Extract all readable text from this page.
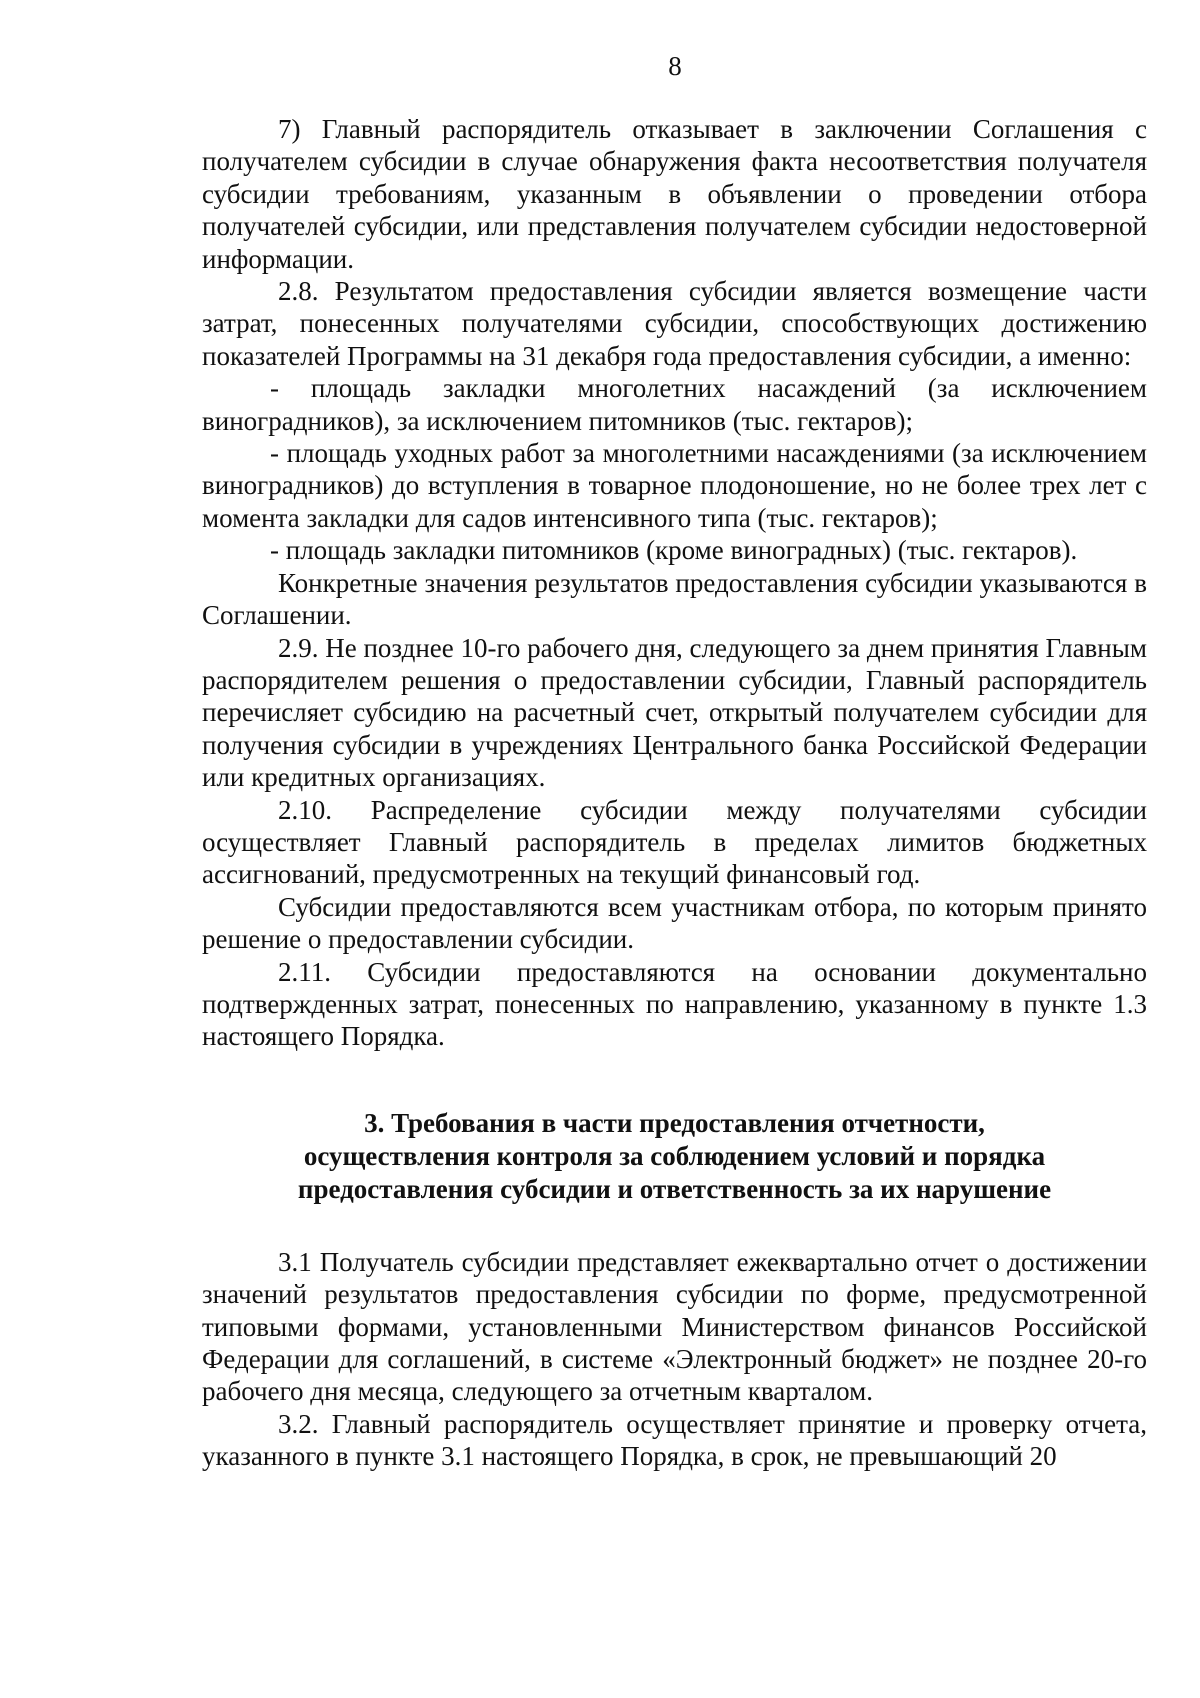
8

7) Главный распорядитель отказывает в заключении Соглашения с получателем субсидии в случае обнаружения факта несоответствия получателя субсидии требованиям, указанным в объявлении о проведении отбора получателей субсидии, или представления получателем субсидии недостоверной информации.

2.8. Результатом предоставления субсидии является возмещение части затрат, понесенных получателями субсидии, способствующих достижению показателей Программы на 31 декабря года предоставления субсидии, а именно:

- площадь закладки многолетних насаждений (за исключением виноградников), за исключением питомников (тыс. гектаров);

- площадь уходных работ за многолетними насаждениями (за исключением виноградников) до вступления в товарное плодоношение, но не более трех лет с момента закладки для садов интенсивного типа (тыс. гектаров);

- площадь закладки питомников (кроме виноградных) (тыс. гектаров).

Конкретные значения результатов предоставления субсидии указываются в Соглашении.

2.9. Не позднее 10-го рабочего дня, следующего за днем принятия Главным распорядителем решения о предоставлении субсидии, Главный распорядитель перечисляет субсидию на расчетный счет, открытый получателем субсидии для получения субсидии в учреждениях Центрального банка Российской Федерации или кредитных организациях.

2.10. Распределение субсидии между получателями субсидии осуществляет Главный распорядитель в пределах лимитов бюджетных ассигнований, предусмотренных на текущий финансовый год.

Субсидии предоставляются всем участникам отбора, по которым принято решение о предоставлении субсидии.

2.11. Субсидии предоставляются на основании документально подтвержденных затрат, понесенных по направлению, указанному в пункте 1.3 настоящего Порядка.

3. Требования в части предоставления отчетности,
осуществления контроля за соблюдением условий и порядка
предоставления субсидии и ответственность за их нарушение

3.1 Получатель субсидии представляет ежеквартально отчет о достижении значений результатов предоставления субсидии по форме, предусмотренной типовыми формами, установленными Министерством финансов Российской Федерации для соглашений, в системе «Электронный бюджет» не позднее 20-го рабочего дня месяца, следующего за отчетным кварталом.

3.2. Главный распорядитель осуществляет принятие и проверку отчета, указанного в пункте 3.1 настоящего Порядка, в срок, не превышающий 20
